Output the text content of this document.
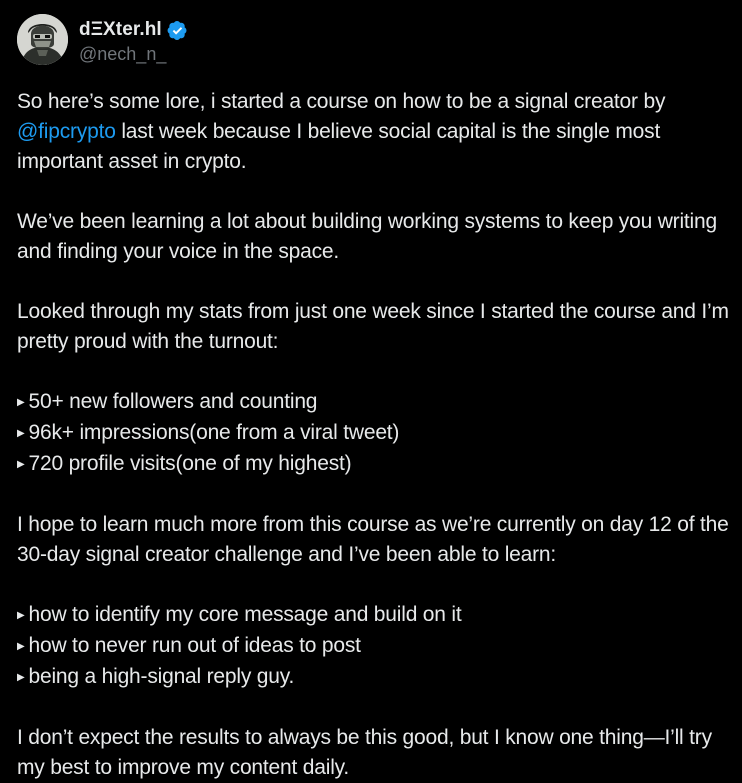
dΞXter.hl
@nech_n_

So here’s some lore, i started a course on how to be a signal creator by @fipcrypto last week because I believe social capital is the single most important asset in crypto.

We’ve been learning a lot about building working systems to keep you writing and finding your voice in the space.

Looked through my stats from just one week since I started the course and I’m pretty proud with the turnout:

▶ 50+ new followers and counting
▶ 96k+ impressions(one from a viral tweet)
▶ 720 profile visits(one of my highest)

I hope to learn much more from this course as we’re currently on day 12 of the 30-day signal creator challenge and I’ve been able to learn:

▶ how to identify my core message and build on it
▶ how to never run out of ideas to post
▶ being a high-signal reply guy.

I don’t expect the results to always be this good, but I know one thing—I’ll try my best to improve my content daily.
